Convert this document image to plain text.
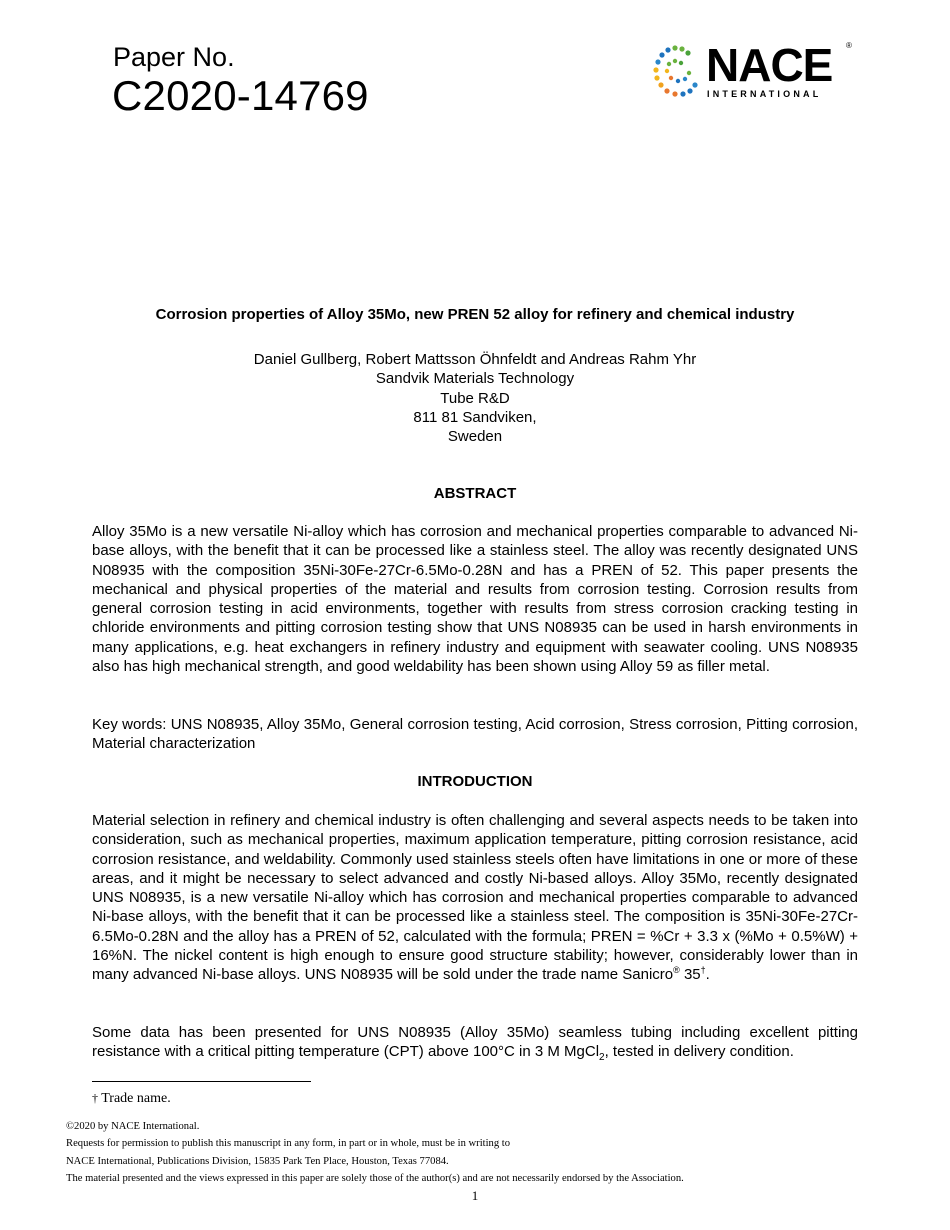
Paper No.
C2020-14769
NACE ®
INTERNATIONAL
Corrosion properties of Alloy 35Mo, new PREN 52 alloy for refinery and chemical industry
Daniel Gullberg, Robert Mattsson Öhnfeldt and Andreas Rahm Yhr
Sandvik Materials Technology
Tube R&D
811 81 Sandviken,
Sweden
ABSTRACT
Alloy 35Mo is a new versatile Ni-alloy which has corrosion and mechanical properties comparable to advanced Ni-base alloys, with the benefit that it can be processed like a stainless steel. The alloy was recently designated UNS N08935 with the composition 35Ni-30Fe-27Cr-6.5Mo-0.28N and has a PREN of 52. This paper presents the mechanical and physical properties of the material and results from corrosion testing. Corrosion results from general corrosion testing in acid environments, together with results from stress corrosion cracking testing in chloride environments and pitting corrosion testing show that UNS N08935 can be used in harsh environments in many applications, e.g. heat exchangers in refinery industry and equipment with seawater cooling. UNS N08935 also has high mechanical strength, and good weldability has been shown using Alloy 59 as filler metal.
Key words: UNS N08935, Alloy 35Mo, General corrosion testing, Acid corrosion, Stress corrosion, Pitting corrosion, Material characterization
INTRODUCTION
Material selection in refinery and chemical industry is often challenging and several aspects needs to be taken into consideration, such as mechanical properties, maximum application temperature, pitting corrosion resistance, acid corrosion resistance, and weldability. Commonly used stainless steels often have limitations in one or more of these areas, and it might be necessary to select advanced and costly Ni-based alloys. Alloy 35Mo, recently designated UNS N08935, is a new versatile Ni-alloy which has corrosion and mechanical properties comparable to advanced Ni-base alloys, with the benefit that it can be processed like a stainless steel. The composition is 35Ni-30Fe-27Cr-6.5Mo-0.28N and the alloy has a PREN of 52, calculated with the formula; PREN = %Cr + 3.3 x (%Mo + 0.5%W) + 16%N. The nickel content is high enough to ensure good structure stability; however, considerably lower than in many advanced Ni-base alloys. UNS N08935 will be sold under the trade name Sanicro® 35†.
Some data has been presented for UNS N08935 (Alloy 35Mo) seamless tubing including excellent pitting resistance with a critical pitting temperature (CPT) above 100°C in 3 M MgCl$_2$, tested in delivery condition.
† Trade name.
©2020 by NACE International.
Requests for permission to publish this manuscript in any form, in part or in whole, must be in writing to
NACE International, Publications Division, 15835 Park Ten Place, Houston, Texas 77084.
The material presented and the views expressed in this paper are solely those of the author(s) and are not necessarily endorsed by the Association.
1
